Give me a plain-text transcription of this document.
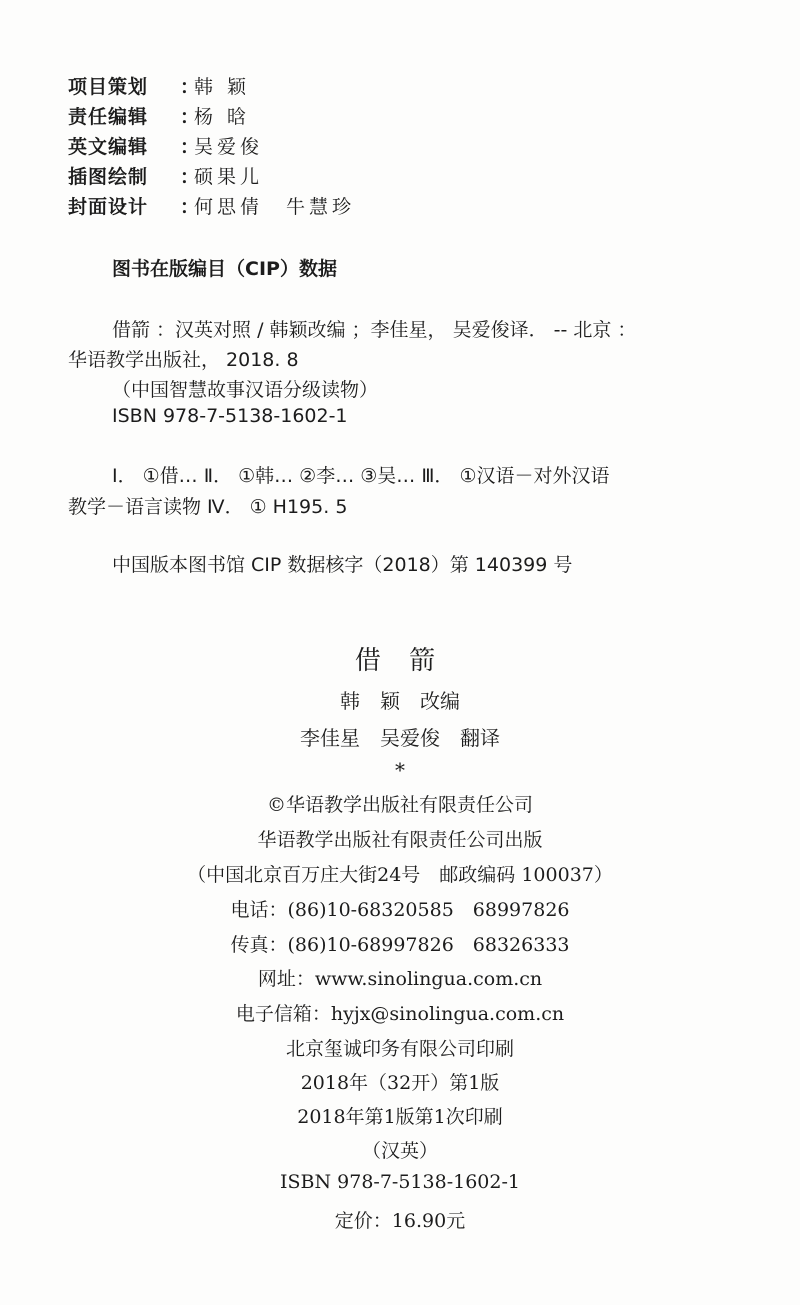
项目策划 ：韩 颖
责任编辑 ：杨 晗
英文编辑 ：吴爱俊
插图绘制 ：硕果儿
封面设计 ：何思倩　牛慧珍
图书在版编目（CIP）数据
借箭 ：汉英对照 / 韩颖改编 ；李佳星， 吴爱俊译． -- 北京 ：
华语教学出版社， 2018. 8
（中国智慧故事汉语分级读物）
ISBN 978-7-5138-1602-1
Ⅰ． ①借… Ⅱ． ①韩… ②李… ③吴… Ⅲ． ①汉语－对外汉语
教学－语言读物 Ⅳ． ① H195. 5
中国版本图书馆 CIP 数据核字（2018）第 140399 号
借 箭
韩　颖　改编
李佳星　吴爱俊　翻译
*
©华语教学出版社有限责任公司
华语教学出版社有限责任公司出版
（中国北京百万庄大街24号　邮政编码 100037）
电话：(86)10-68320585　68997826
传真：(86)10-68997826　68326333
网址：www.sinolingua.com.cn
电子信箱：hyjx@sinolingua.com.cn
北京玺诚印务有限公司印刷
2018年（32开）第1版
2018年第1版第1次印刷
（汉英）
ISBN 978-7-5138-1602-1
定价：16.90元
